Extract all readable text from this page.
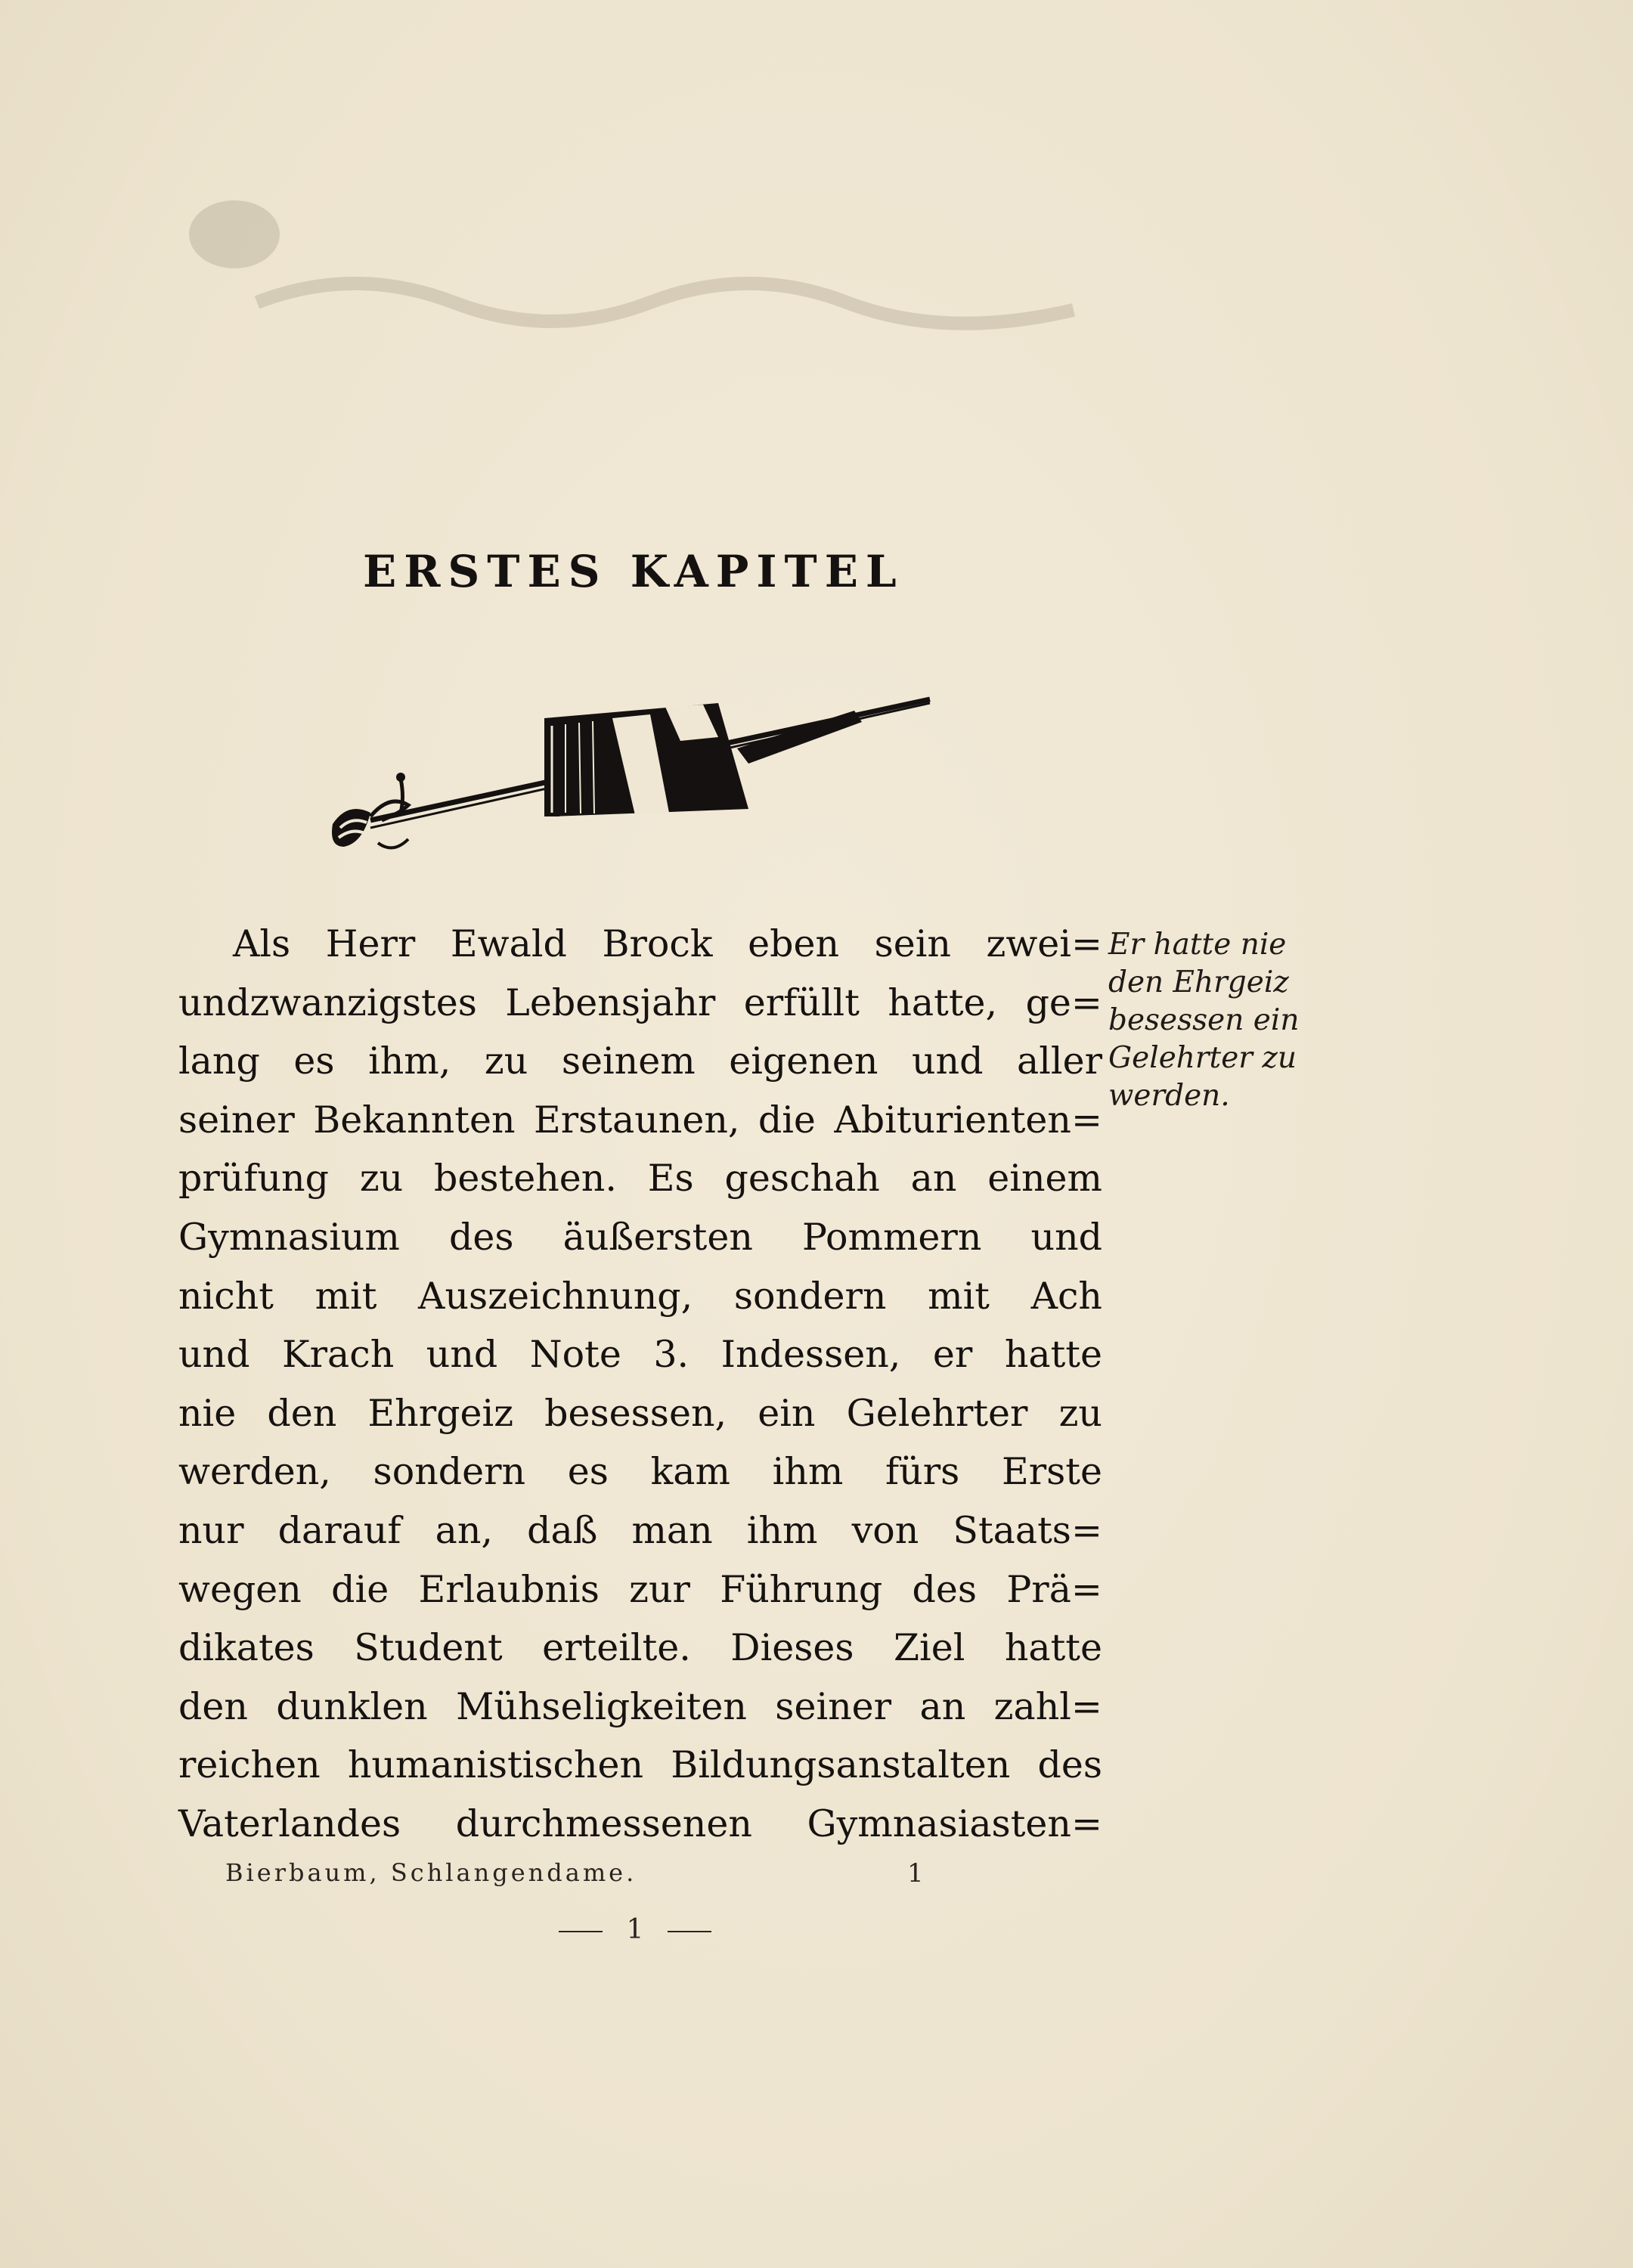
ERSTES KAPITEL
Als Herr Ewald Brock eben sein zwei=
undzwanzigstes Lebensjahr erfüllt hatte, ge=
lang es ihm, zu seinem eigenen und aller
seiner Bekannten Erstaunen, die Abiturienten=
prüfung zu bestehen. Es geschah an einem
Gymnasium des äußersten Pommern und
nicht mit Auszeichnung, sondern mit Ach
und Krach und Note 3. Indessen, er hatte
nie den Ehrgeiz besessen, ein Gelehrter zu
werden, sondern es kam ihm fürs Erste
nur darauf an, daß man ihm von Staats=
wegen die Erlaubnis zur Führung des Prä=
dikates Student erteilte. Dieses Ziel hatte
den dunklen Mühseligkeiten seiner an zahl=
reichen humanistischen Bildungsanstalten des
Vaterlandes durchmessenen Gymnasiasten=
Er hatte nie
den Ehrgeiz
besessen ein
Gelehrter zu
werden.
Bierbaum, Schlangendame.	1
1
